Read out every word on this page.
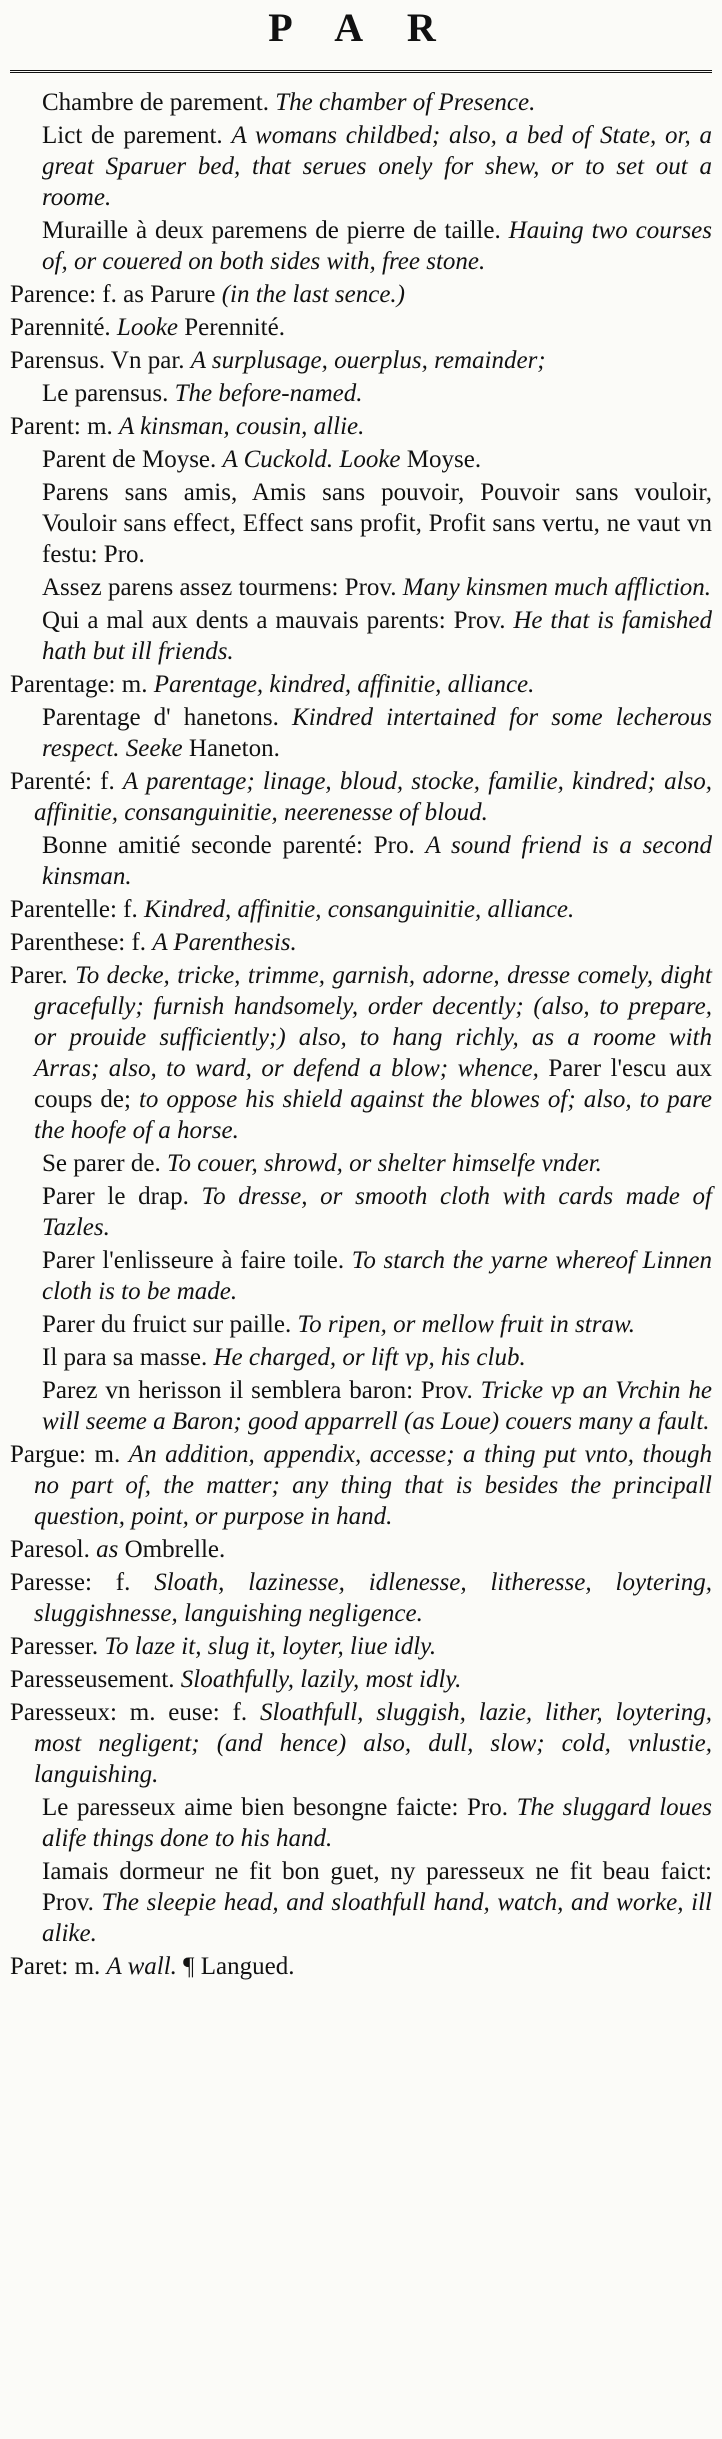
P A R
Chambre de parement. The chamber of Presence.
Lict de parement. A womans childbed; also, a bed of State, or, a great Sparuer bed, that serues onely for shew, or to set out a roome.
Muraille à deux paremens de pierre de taille. Hauing two courses of, or couered on both sides with, free stone.
Parence: f. as Parure (in the last sence.)
Parennité. Looke Perennité.
Parensus. Vn par. A surplusage, ouerplus, remainder;
Le parensus. The before-named.
Parent: m. A kinsman, cousin, allie.
Parent de Moyse. A Cuckold. Looke Moyse.
Parens sans amis, Amis sans pouvoir, Pouvoir sans vouloir, Vouloir sans effect, Effect sans profit, Profit sans vertu, ne vaut vn festu: Pro.
Assez parens assez tourmens: Prov. Many kinsmen much affliction.
Qui a mal aux dents a mauvais parents: Prov. He that is famished hath but ill friends.
Parentage: m. Parentage, kindred, affinitie, alliance.
Parentage d' hanetons. Kindred intertained for some lecherous respect. Seeke Haneton.
Parenté: f. A parentage; linage, bloud, stocke, familie, kindred; also, affinitie, consanguinitie, neerenesse of bloud.
Bonne amitié seconde parenté: Pro. A sound friend is a second kinsman.
Parentelle: f. Kindred, affinitie, consanguinitie, alliance.
Parenthese: f. A Parenthesis.
Parer. To decke, tricke, trimme, garnish, adorne, dresse comely, dight gracefully; furnish handsomely, order decently; (also, to prepare, or prouide sufficiently;) also, to hang richly, as a roome with Arras; also, to ward, or defend a blow; whence, Parer l'escu aux coups de; to oppose his shield against the blowes of; also, to pare the hoofe of a horse.
Se parer de. To couer, shrowd, or shelter himselfe vnder.
Parer le drap. To dresse, or smooth cloth with cards made of Tazles.
Parer l'enlisseure à faire toile. To starch the yarne whereof Linnen cloth is to be made.
Parer du fruict sur paille. To ripen, or mellow fruit in straw.
Il para sa masse. He charged, or lift vp, his club.
Parez vn herisson il semblera baron: Prov. Tricke vp an Vrchin he will seeme a Baron; good apparrell (as Loue) couers many a fault.
Pargue: m. An addition, appendix, accesse; a thing put vnto, though no part of, the matter; any thing that is besides the principall question, point, or purpose in hand.
Paresol. as Ombrelle.
Paresse: f. Sloath, lazinesse, idlenesse, litheresse, loytering, sluggishnesse, languishing negligence.
Paresser. To laze it, slug it, loyter, liue idly.
Paresseusement. Sloathfully, lazily, most idly.
Paresseux: m. euse: f. Sloathfull, sluggish, lazie, lither, loytering, most negligent; (and hence) also, dull, slow; cold, vnlustie, languishing.
Le paresseux aime bien besongne faicte: Pro. The sluggard loues alife things done to his hand.
Iamais dormeur ne fit bon guet, ny paresseux ne fit beau faict: Prov. The sleepie head, and sloathfull hand, watch, and worke, ill alike.
Paret: m. A wall. ¶ Langued.
